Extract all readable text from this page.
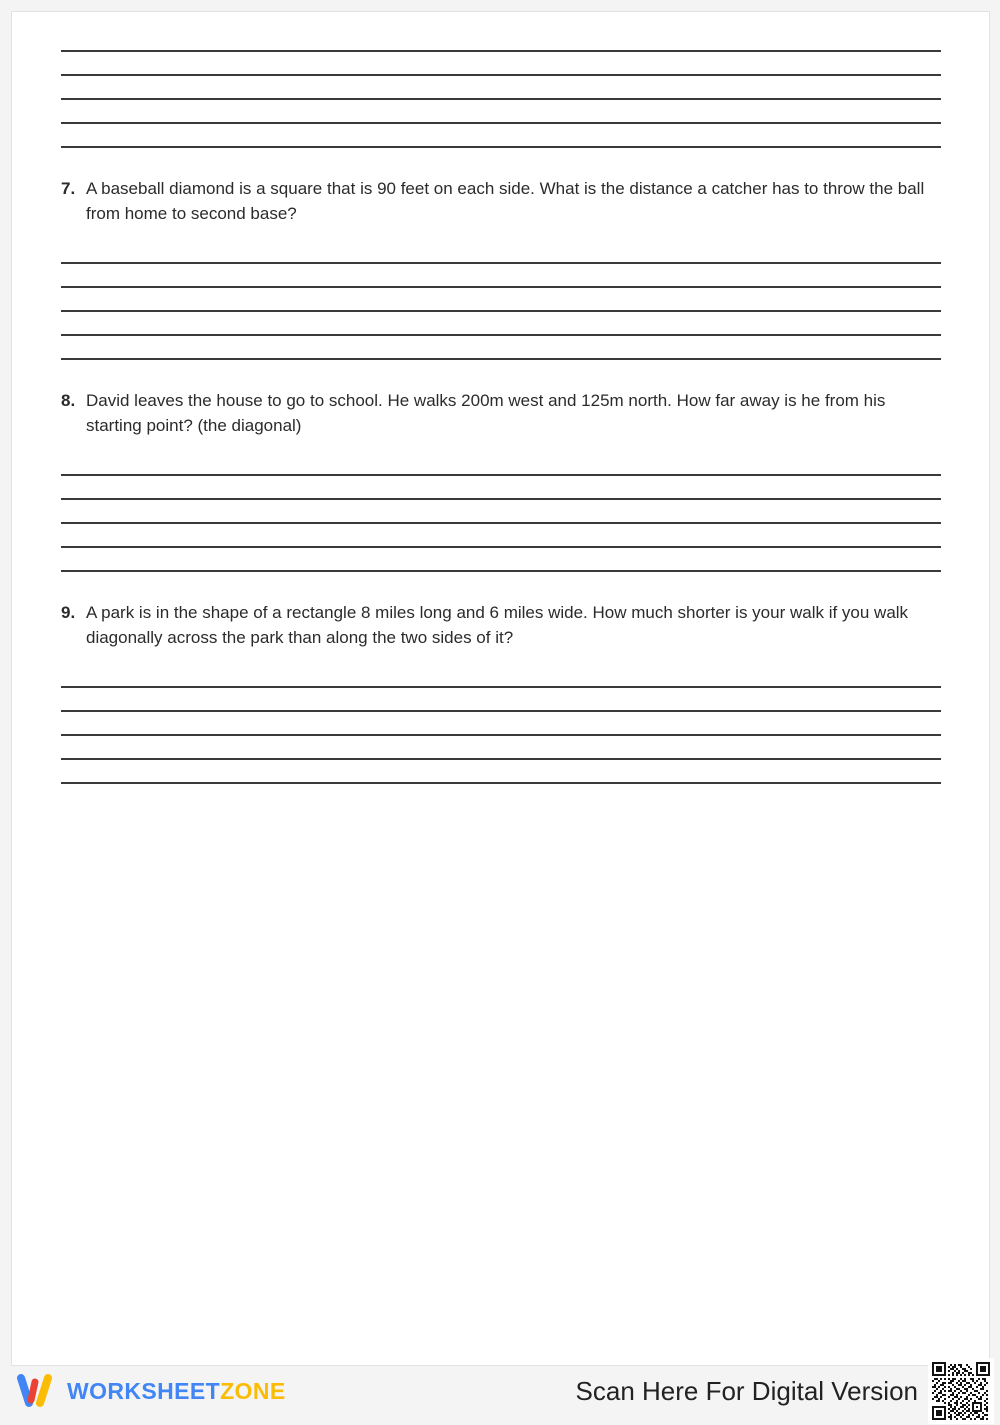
7. A baseball diamond is a square that is 90 feet on each side. What is the distance a catcher has to throw the ball from home to second base?
8. David leaves the house to go to school. He walks 200m west and 125m north. How far away is he from his starting point? (the diagonal)
9. A park is in the shape of a rectangle 8 miles long and 6 miles wide. How much shorter is your walk if you walk diagonally across the park than along the two sides of it?
WORKSHEETZONE	Scan Here For Digital Version
